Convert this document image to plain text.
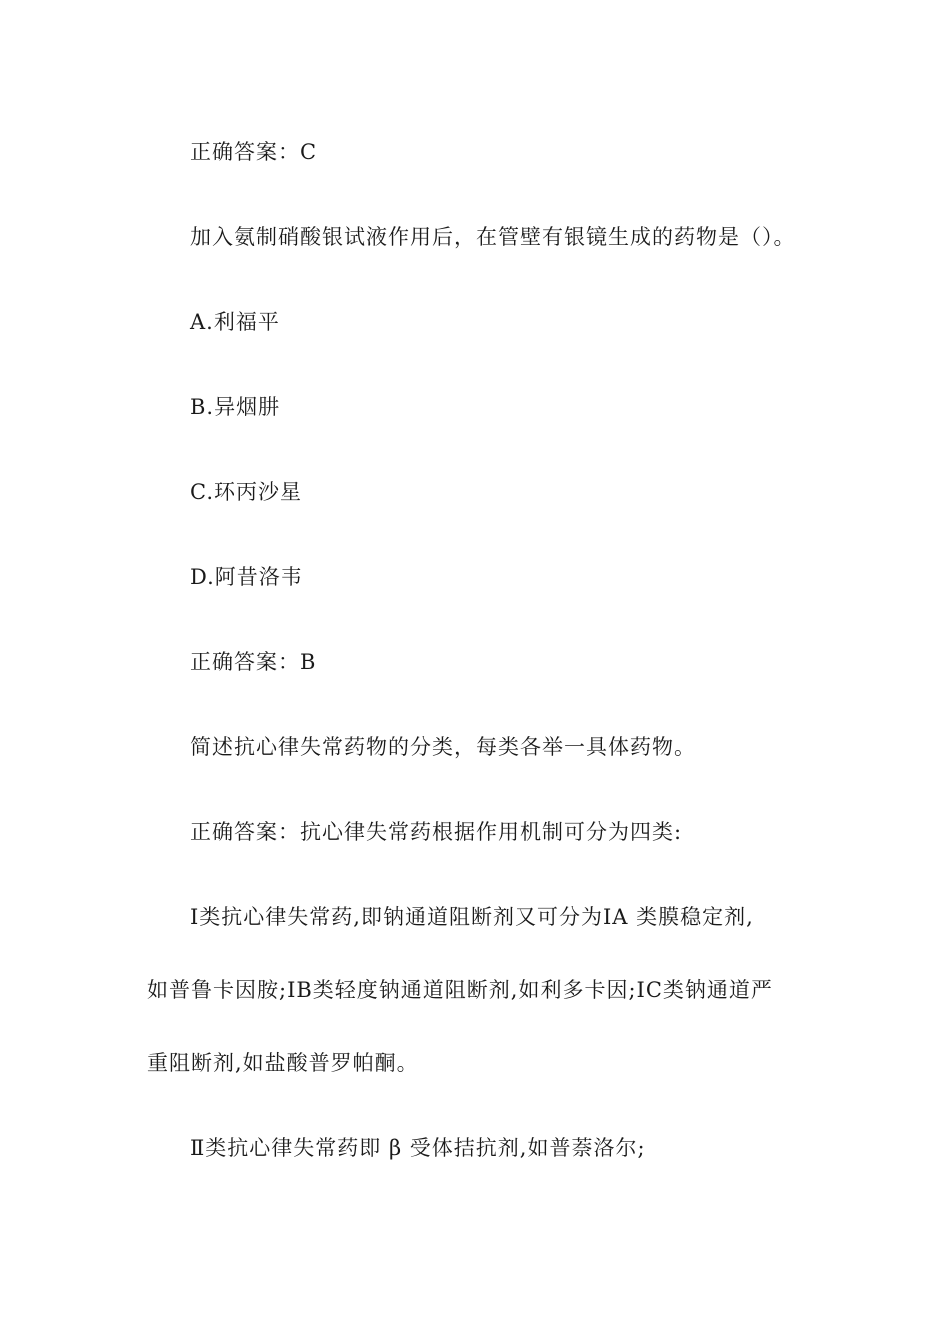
正确答案：C
加入氨制硝酸银试液作用后，在管壁有银镜生成的药物是（）。
A.利福平
B.异烟肼
C.环丙沙星
D.阿昔洛韦
正确答案：B
简述抗心律失常药物的分类，每类各举一具体药物。
正确答案：抗心律失常药根据作用机制可分为四类:
Ⅰ类抗心律失常药,即钠通道阻断剂又可分为IA 类膜稳定剂,
如普鲁卡因胺;IB类轻度钠通道阻断剂,如利多卡因;IC类钠通道严
重阻断剂,如盐酸普罗帕酮。
Ⅱ类抗心律失常药即 β 受体拮抗剂,如普萘洛尔;
